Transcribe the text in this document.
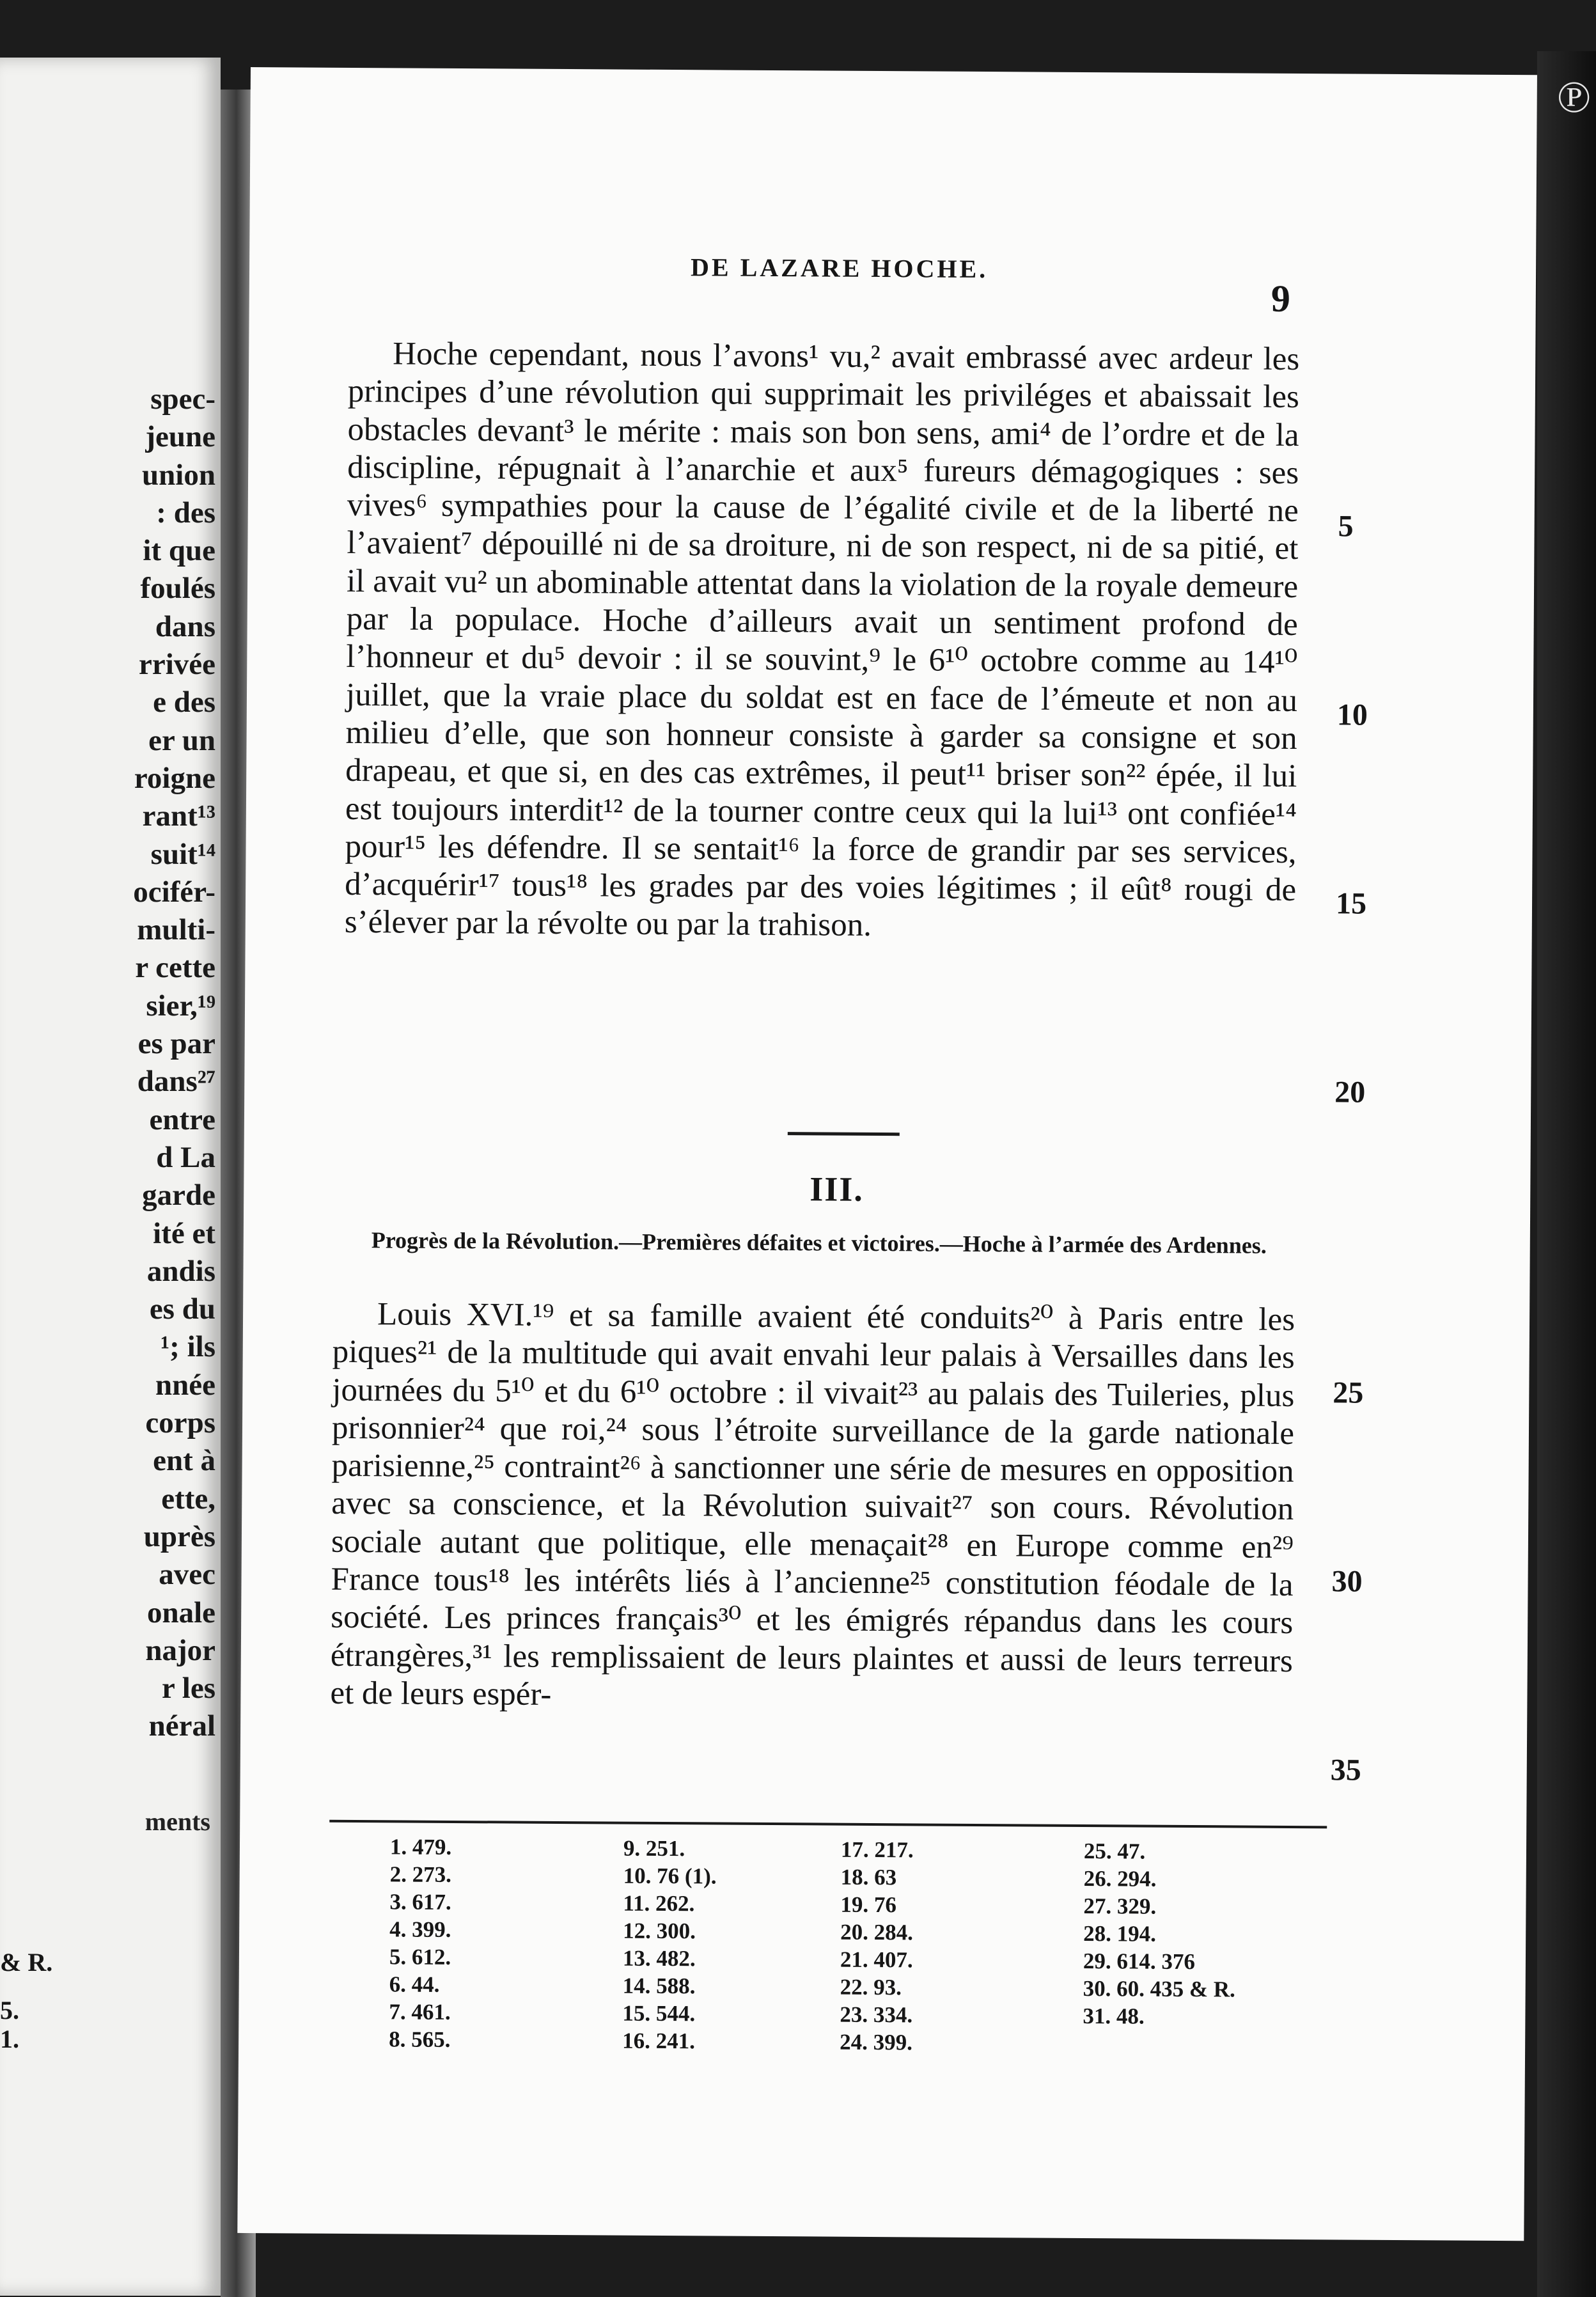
spec-
jeune
union
: des
it que
foulés
dans
rrivée
e des
er un
roigne
rant¹³
suit¹⁴
ocifér-
multi-
r cette
sier,¹⁹
es par
dans²⁷
entre
d La
garde
ité et
andis
es du
¹; ils
nnée
corps
ent à
ette,
uprès
avec
onale
najor
r les
néral
ments
& R.
5.
1.
DE LAZARE HOCHE.
9

Hoche cependant, nous l’avons¹ vu,² avait embrassé avec ardeur les principes d’une révolution qui supprimait les priviléges et abaissait les obstacles devant³ le mérite : mais son bon sens, ami⁴ de l’ordre et de la discipline, répugnait à l’anarchie et aux⁵ fureurs démagogiques : ses vives⁶ sympathies pour la cause de l’égalité civile et de la liberté ne l’avaient⁷ dépouillé ni de sa droiture, ni de son respect, ni de sa pitié, et il avait vu² un abominable attentat dans la violation de la royale demeure par la populace. Hoche d’ailleurs avait un sentiment profond de l’honneur et du⁵ devoir : il se souvint,⁹ le 6¹⁰ octobre comme au 14¹⁰ juillet, que la vraie place du soldat est en face de l’émeute et non au milieu d’elle, que son honneur consiste à garder sa consigne et son drapeau, et que si, en des cas extrêmes, il peut¹¹ briser son²² épée, il lui est toujours interdit¹² de la tourner contre ceux qui la lui¹³ ont confiée¹⁴ pour¹⁵ les défendre. Il se sentait¹⁶ la force de grandir par ses services, d’acquérir¹⁷ tous¹⁸ les grades par des voies légitimes ; il eût⁸ rougi de s’élever par la révolte ou par la trahison.

5
10
15
20
25
30
35
III.
Progrès de la Révolution.—Premières défaites et victoires.—Hoche à l’armée des Ardennes.

Louis XVI.¹⁹ et sa famille avaient été conduits²⁰ à Paris entre les piques²¹ de la multitude qui avait envahi leur palais à Versailles dans les journées du 5¹⁰ et du 6¹⁰ octobre : il vivait²³ au palais des Tuileries, plus prisonnier²⁴ que roi,²⁴ sous l’étroite surveillance de la garde nationale parisienne,²⁵ contraint²⁶ à sanctionner une série de mesures en opposition avec sa conscience, et la Révolution suivait²⁷ son cours. Révolution sociale autant que politique, elle menaçait²⁸ en Europe comme en²⁹ France tous¹⁸ les intérêts liés à l’ancienne²⁵ constitution féodale de la société. Les princes français³⁰ et les émigrés répandus dans les cours étrangères,³¹ les remplissaient de leurs plaintes et aussi de leurs terreurs et de leurs espér-

1. 479.
2. 273.
3. 617.
4. 399.
5. 612.
6. 44.
7. 461.
8. 565.
9. 251.
10. 76 (1).
11. 262.
12. 300.
13. 482.
14. 588.
15. 544.
16. 241.
17. 217.
18. 63
19. 76
20. 284.
21. 407.
22. 93.
23. 334.
24. 399.
25. 47.
26. 294.
27. 329.
28. 194.
29. 614. 376
30. 60. 435 & R.
31. 48.
℗
